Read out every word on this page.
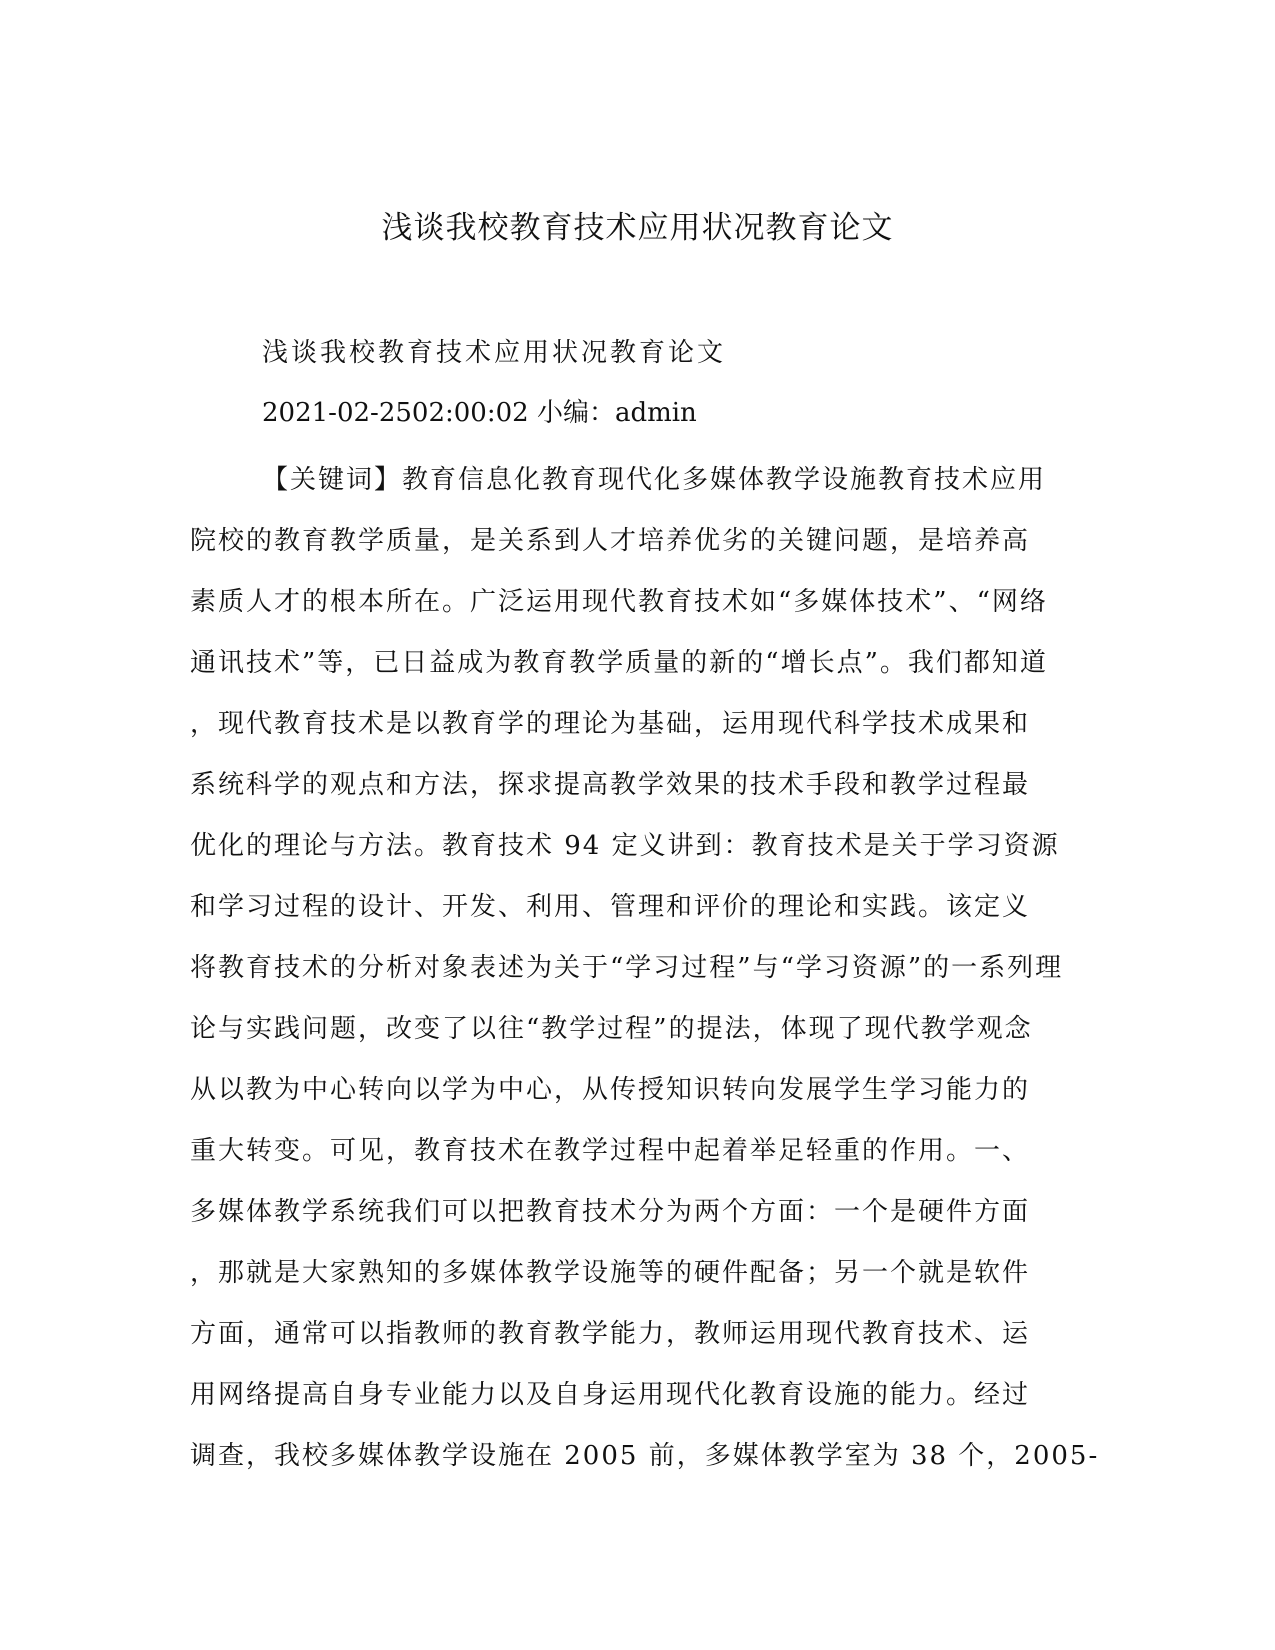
浅谈我校教育技术应用状况教育论文
浅谈我校教育技术应用状况教育论文
2021-02-2502:00:02 小编：admin
【关键词】教育信息化教育现代化多媒体教学设施教育技术应用
院校的教育教学质量，是关系到人才培养优劣的关键问题，是培养高
素质人才的根本所在。广泛运用现代教育技术如“多媒体技术”、“网络
通讯技术”等，已日益成为教育教学质量的新的“增长点”。我们都知道
，现代教育技术是以教育学的理论为基础，运用现代科学技术成果和
系统科学的观点和方法，探求提高教学效果的技术手段和教学过程最
优化的理论与方法。教育技术 94 定义讲到：教育技术是关于学习资源
和学习过程的设计、开发、利用、管理和评价的理论和实践。该定义
将教育技术的分析对象表述为关于“学习过程”与“学习资源”的一系列理
论与实践问题，改变了以往“教学过程”的提法，体现了现代教学观念
从以教为中心转向以学为中心，从传授知识转向发展学生学习能力的
重大转变。可见，教育技术在教学过程中起着举足轻重的作用。一、
多媒体教学系统我们可以把教育技术分为两个方面：一个是硬件方面
，那就是大家熟知的多媒体教学设施等的硬件配备；另一个就是软件
方面，通常可以指教师的教育教学能力，教师运用现代教育技术、运
用网络提高自身专业能力以及自身运用现代化教育设施的能力。经过
调查，我校多媒体教学设施在 2005 前，多媒体教学室为 38 个，2005-
